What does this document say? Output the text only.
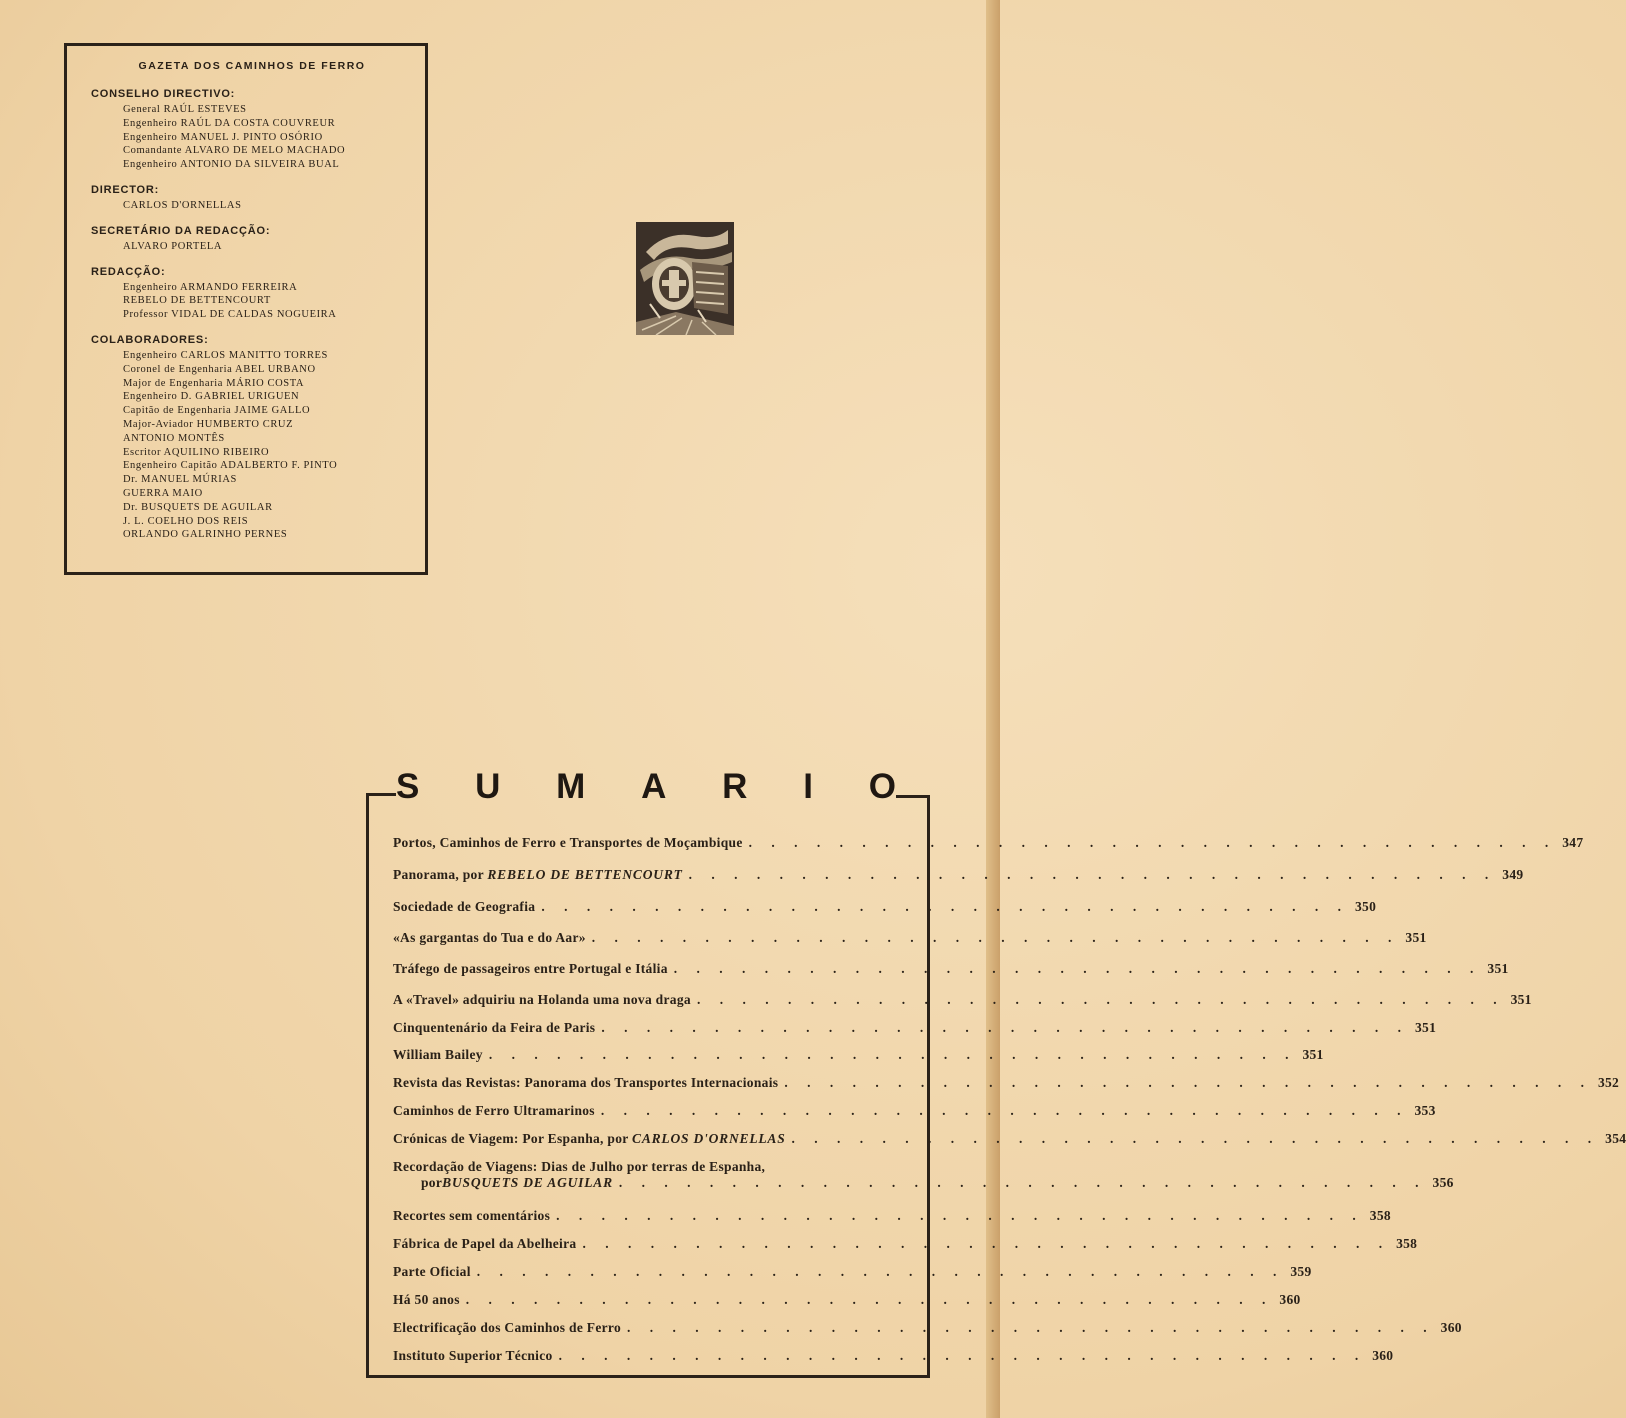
GAZETA DOS CAMINHOS DE FERRO
CONSELHO DIRECTIVO:
General RAÚL ESTEVES
Engenheiro RAÚL DA COSTA COUVREUR
Engenheiro MANUEL J. PINTO OSÓRIO
Comandante ALVARO DE MELO MACHADO
Engenheiro ANTONIO DA SILVEIRA BUAL
DIRECTOR:
CARLOS D'ORNELLAS
SECRETÁRIO DA REDACÇÃO:
ALVARO PORTELA
REDACÇÃO:
Engenheiro ARMANDO FERREIRA
REBELO DE BETTENCOURT
Professor VIDAL DE CALDAS NOGUEIRA
COLABORADORES:
Engenheiro CARLOS MANITTO TORRES
Coronel de Engenharia ABEL URBANO
Major de Engenharia MÁRIO COSTA
Engenheiro D. GABRIEL URIGUEN
Capitão de Engenharia JAIME GALLO
Major-Aviador HUMBERTO CRUZ
ANTONIO MONTÊS
Escritor AQUILINO RIBEIRO
Engenheiro Capitão ADALBERTO F. PINTO
Dr. MANUEL MÚRIAS
GUERRA MAIO
Dr. BUSQUETS DE AGUILAR
J. L. COELHO DOS REIS
ORLANDO GALRINHO PERNES
S U M A R I O
Portos, Caminhos de Ferro e Transportes de Moçambique . . . . . . . . . . . . . . . . . . . . . . . . . . . . . . . . . . . . 347
Panorama, por REBELO DE BETTENCOURT . . . . . . . . . . . . . . . . . . . . . . . . . . . . . . . . . . . . 349
Sociedade de Geografia . . . . . . . . . . . . . . . . . . . . . . . . . . . . . . . . . . . . 350
«As gargantas do Tua e do Aar» . . . . . . . . . . . . . . . . . . . . . . . . . . . . . . . . . . . . 351
Tráfego de passageiros entre Portugal e Itália . . . . . . . . . . . . . . . . . . . . . . . . . . . . . . . . . . . . 351
A «Travel» adquiriu na Holanda uma nova draga . . . . . . . . . . . . . . . . . . . . . . . . . . . . . . . . . . . . 351
Cinquentenário da Feira de Paris . . . . . . . . . . . . . . . . . . . . . . . . . . . . . . . . . . . . 351
William Bailey . . . . . . . . . . . . . . . . . . . . . . . . . . . . . . . . . . . . 351
Revista das Revistas: Panorama dos Transportes Internacionais . . . . . . . . . . . . . . . . . . . . . . . . . . . . . . . . . . . . 352
Caminhos de Ferro Ultramarinos . . . . . . . . . . . . . . . . . . . . . . . . . . . . . . . . . . . . 353
Crónicas de Viagem: Por Espanha, por CARLOS D'ORNELLAS . . . . . . . . . . . . . . . . . . . . . . . . . . . . . . . . . . . . 354
Recordação de Viagens: Dias de Julho por terras de Espanha,
por BUSQUETS DE AGUILAR . . . . . . . . . . . . . . . . . . . . . . . . . . . . . . . . . . . . 356
Recortes sem comentários . . . . . . . . . . . . . . . . . . . . . . . . . . . . . . . . . . . . 358
Fábrica de Papel da Abelheira . . . . . . . . . . . . . . . . . . . . . . . . . . . . . . . . . . . . 358
Parte Oficial . . . . . . . . . . . . . . . . . . . . . . . . . . . . . . . . . . . . 359
Há 50 anos . . . . . . . . . . . . . . . . . . . . . . . . . . . . . . . . . . . . 360
Electrificação dos Caminhos de Ferro . . . . . . . . . . . . . . . . . . . . . . . . . . . . . . . . . . . . 360
Instituto Superior Técnico . . . . . . . . . . . . . . . . . . . . . . . . . . . . . . . . . . . . 360
